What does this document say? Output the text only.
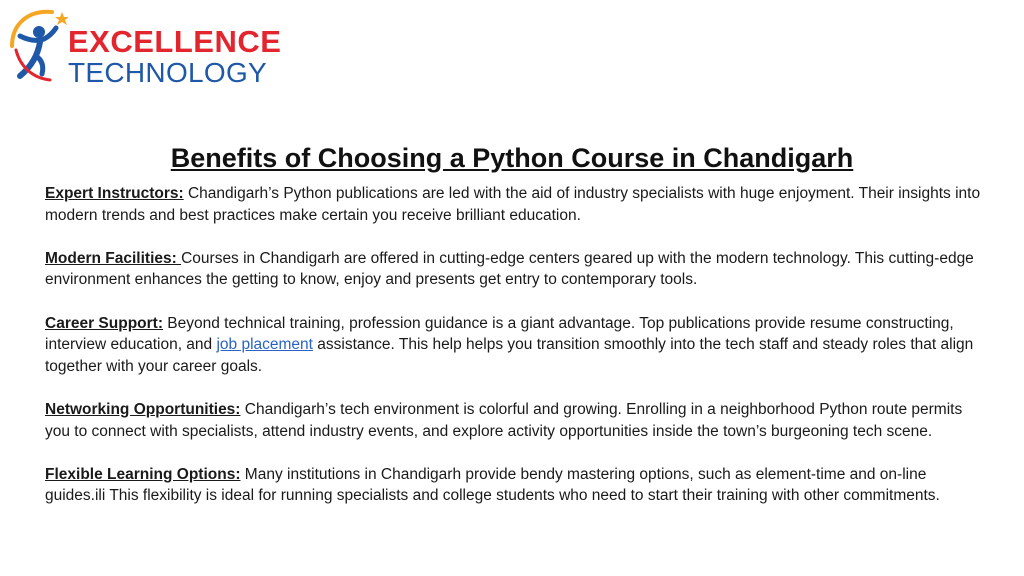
EXCELLENCE
TECHNOLOGY
Benefits of Choosing a Python Course in Chandigarh

Expert Instructors: Chandigarh’s Python publications are led with the aid of industry specialists with huge enjoyment. Their insights into modern trends and best practices make certain you receive brilliant education.

Modern Facilities: Courses in Chandigarh are offered in cutting-edge centers geared up with the modern technology. This cutting-edge environment enhances the getting to know, enjoy and presents get entry to contemporary tools.

Career Support: Beyond technical training, profession guidance is a giant advantage. Top publications provide resume constructing, interview education, and job placement assistance. This help helps you transition smoothly into the tech staff and steady roles that align together with your career goals.

Networking Opportunities: Chandigarh’s tech environment is colorful and growing. Enrolling in a neighborhood Python route permits you to connect with specialists, attend industry events, and explore activity opportunities inside the town’s burgeoning tech scene.

Flexible Learning Options: Many institutions in Chandigarh provide bendy mastering options, such as element-time and on-line guides.ili This flexibility is ideal for running specialists and college students who need to start their training with other commitments.
